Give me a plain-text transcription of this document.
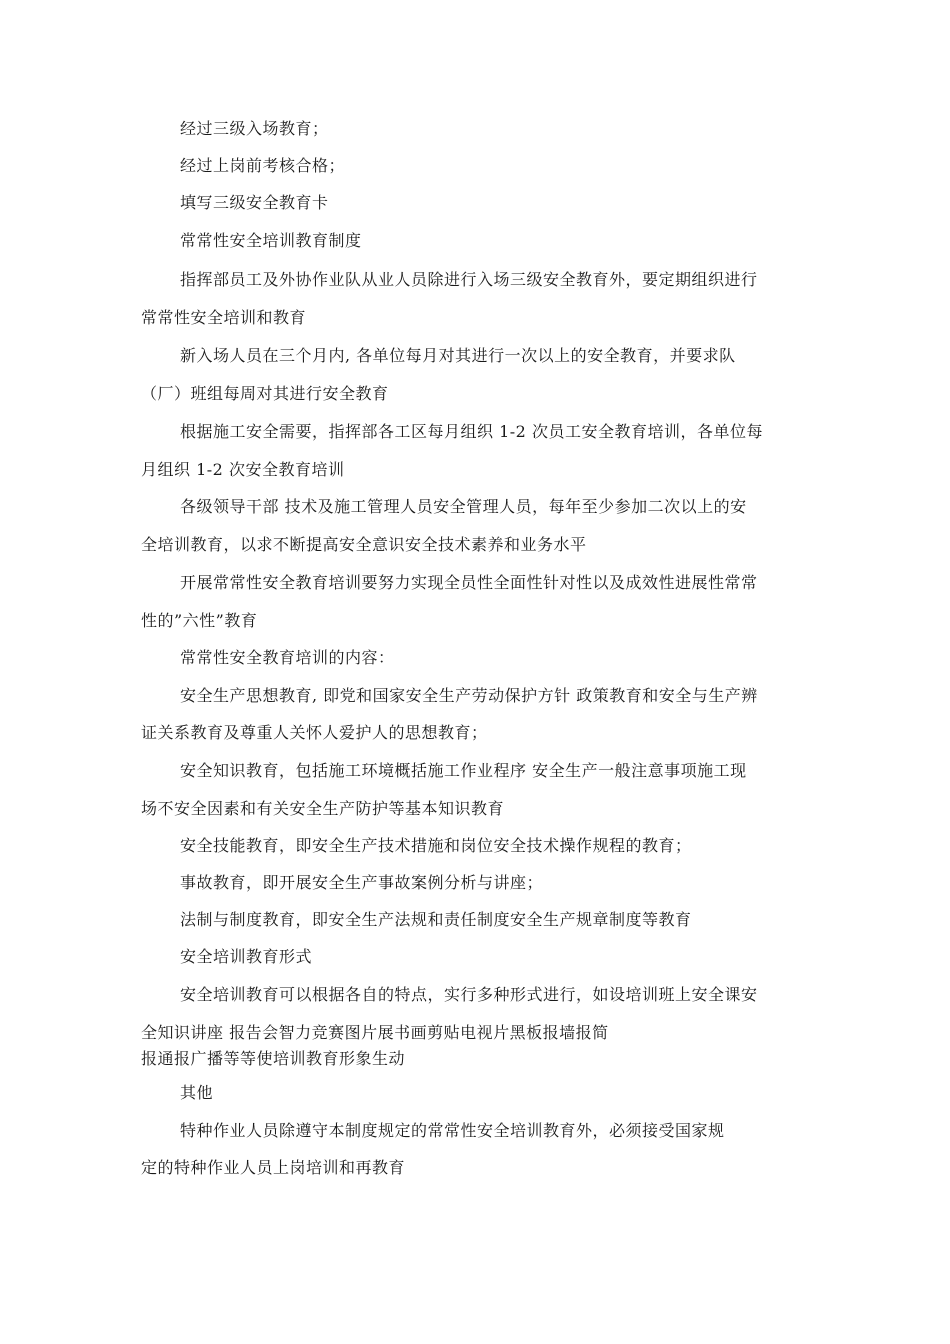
经过三级入场教育；
经过上岗前考核合格；
填写三级安全教育卡
常常性安全培训教育制度
指挥部员工及外协作业队从业人员除进行入场三级安全教育外，要定期组织进行
常常性安全培训和教育
新入场人员在三个月内, 各单位每月对其进行一次以上的安全教育，并要求队
（厂）班组每周对其进行安全教育
根据施工安全需要，指挥部各工区每月组织 1-2 次员工安全教育培训，各单位每
月组织 1-2 次安全教育培训
各级领导干部 技术及施工管理人员安全管理人员，每年至少参加二次以上的安
全培训教育，以求不断提高安全意识安全技术素养和业务水平
开展常常性安全教育培训要努力实现全员性全面性针对性以及成效性进展性常常
性的”六性”教育
常常性安全教育培训的内容：
安全生产思想教育, 即党和国家安全生产劳动保护方针 政策教育和安全与生产辨
证关系教育及尊重人关怀人爱护人的思想教育；
安全知识教育，包括施工环境概括施工作业程序 安全生产一般注意事项施工现
场不安全因素和有关安全生产防护等基本知识教育
安全技能教育，即安全生产技术措施和岗位安全技术操作规程的教育；
事故教育，即开展安全生产事故案例分析与讲座；
法制与制度教育，即安全生产法规和责任制度安全生产规章制度等教育
安全培训教育形式
安全培训教育可以根据各自的特点，实行多种形式进行，如设培训班上安全课安
全知识讲座 报告会智力竞赛图片展书画剪贴电视片黑板报墙报简
报通报广播等等使培训教育形象生动
其他
特种作业人员除遵守本制度规定的常常性安全培训教育外，必须接受国家规
定的特种作业人员上岗培训和再教育
